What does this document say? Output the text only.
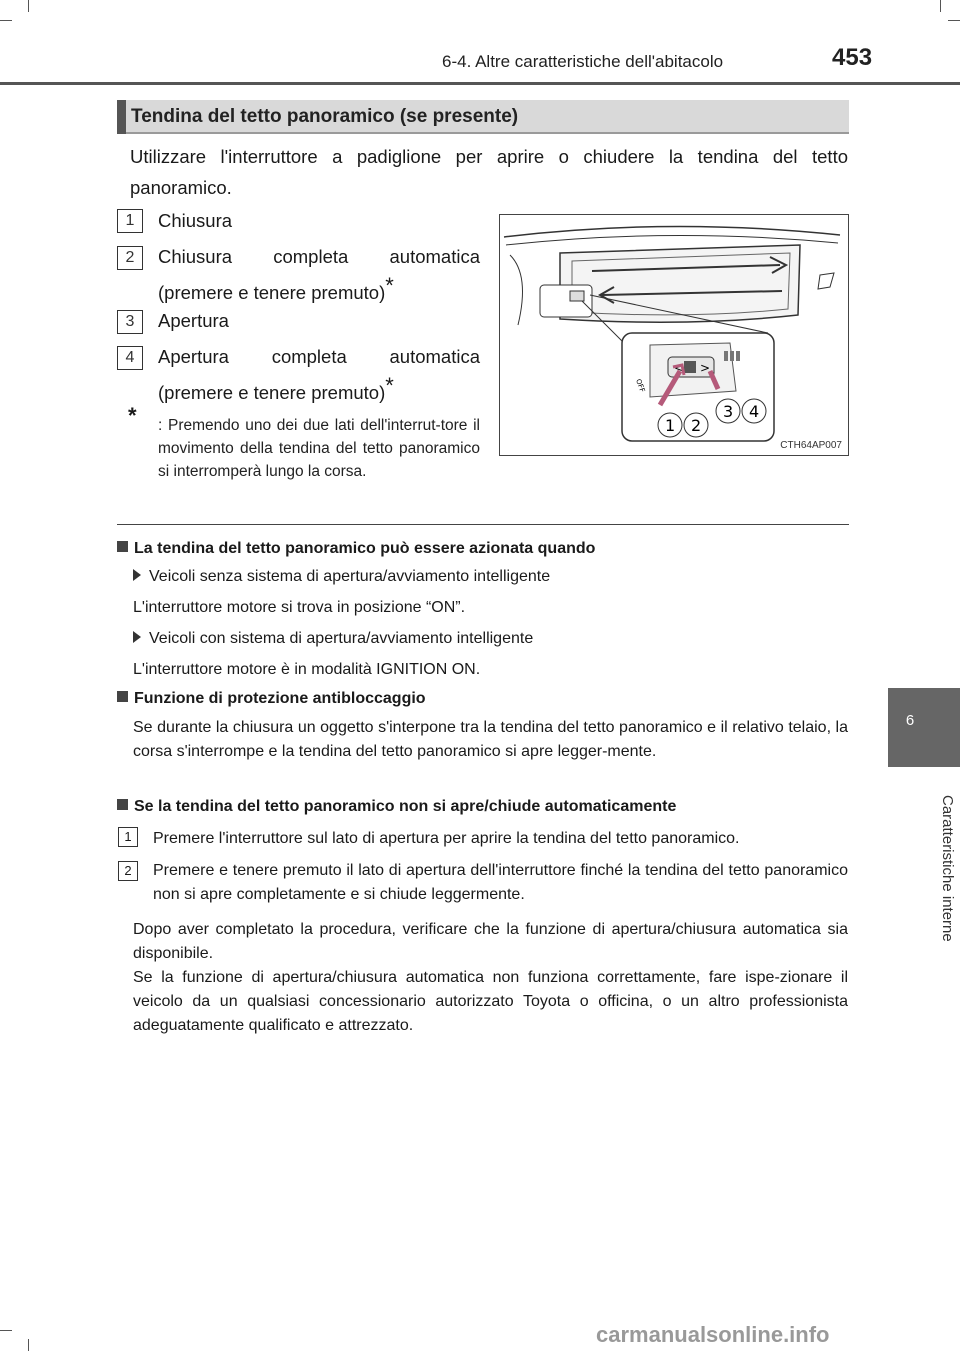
6-4. Altre caratteristiche dell'abitacolo	453
6
Caratteristiche interne
Tendina del tetto panoramico (se presente)
Utilizzare l'interruttore a padiglione per aprire o chiudere la tendina del tetto panoramico.
1	Chiusura
2	Chiusura completa automatica
(premere e tenere premuto)*
3	Apertura
4	Apertura completa automatica
(premere e tenere premuto)*
* : Premendo uno dei due lati dell'interrut-tore il movimento della tendina del tetto panoramico si interromperà lungo la corsa.
< >
OFF
1 2
3 4
CTH64AP007
La tendina del tetto panoramico può essere azionata quando
Veicoli senza sistema di apertura/avviamento intelligente
L'interruttore motore si trova in posizione “ON”.
Veicoli con sistema di apertura/avviamento intelligente
L'interruttore motore è in modalità IGNITION ON.
Funzione di protezione antibloccaggio
Se durante la chiusura un oggetto s'interpone tra la tendina del tetto panoramico e il relativo telaio, la corsa s'interrompe e la tendina del tetto panoramico si apre legger-mente.
Se la tendina del tetto panoramico non si apre/chiude automaticamente
1	Premere l'interruttore sul lato di apertura per aprire la tendina del tetto panoramico.
2	Premere e tenere premuto il lato di apertura dell'interruttore finché la tendina del tetto panoramico non si apre completamente e si chiude leggermente.
Dopo aver completato la procedura, verificare che la funzione di apertura/chiusura automatica sia disponibile.
Se la funzione di apertura/chiusura automatica non funziona correttamente, fare ispe-zionare il veicolo da un qualsiasi concessionario autorizzato Toyota o officina, o un altro professionista adeguatamente qualificato e attrezzato.
carmanualsonline.info
